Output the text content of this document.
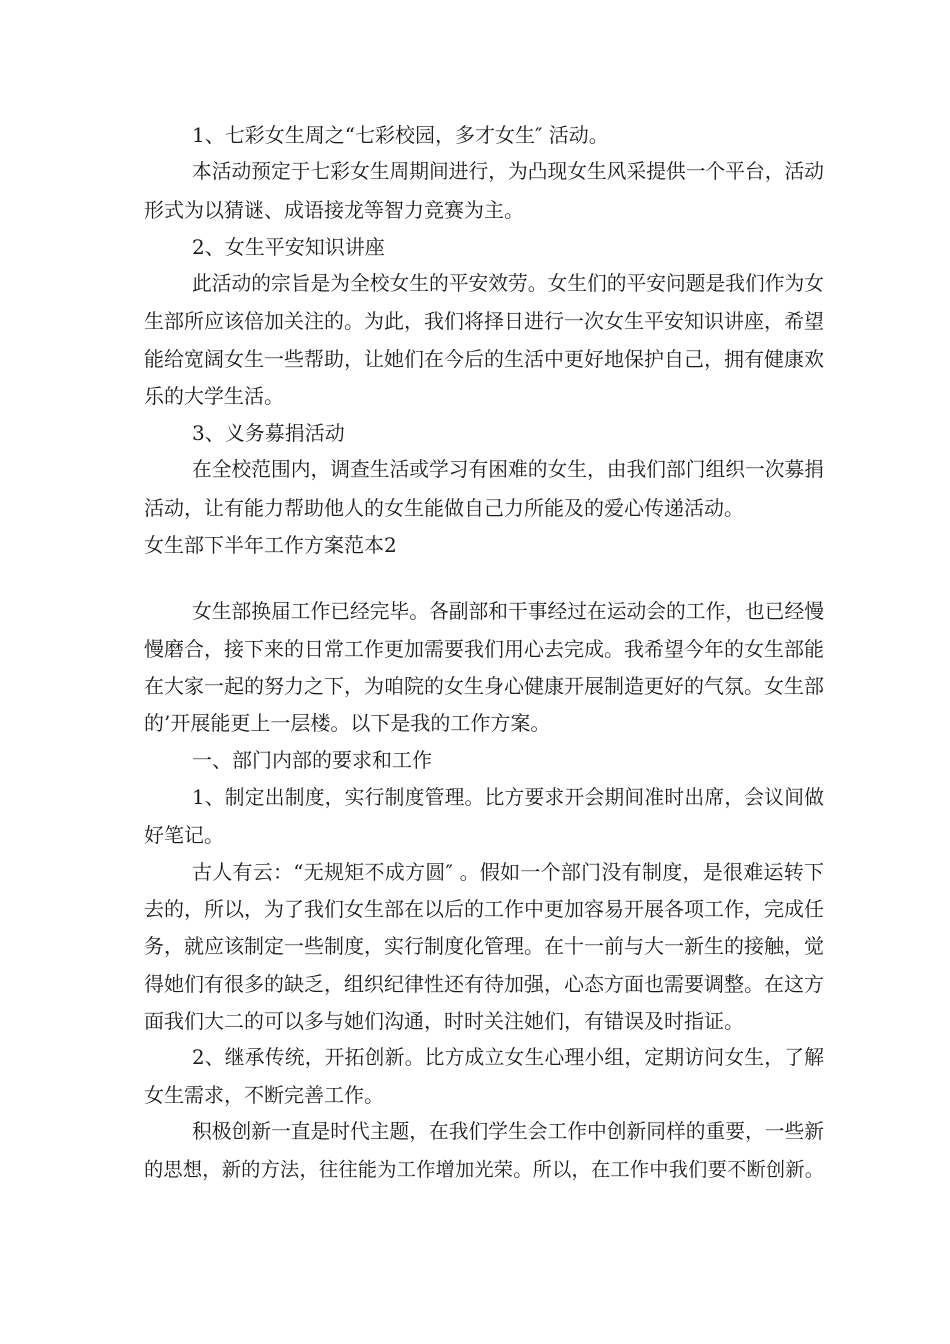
1、七彩女生周之“七彩校园，多才女生″ 活动。
本活动预定于七彩女生周期间进行，为凸现女生风采提供一个平台，活动
形式为以猜谜、成语接龙等智力竞赛为主。
2、女生平安知识讲座
此活动的宗旨是为全校女生的平安效劳。女生们的平安问题是我们作为女
生部所应该倍加关注的。为此，我们将择日进行一次女生平安知识讲座，希望
能给宽阔女生一些帮助，让她们在今后的生活中更好地保护自己，拥有健康欢
乐的大学生活。
3、义务募捐活动
在全校范围内，调查生活或学习有困难的女生，由我们部门组织一次募捐
活动，让有能力帮助他人的女生能做自己力所能及的爱心传递活动。
女生部下半年工作方案范本2
女生部换届工作已经完毕。各副部和干事经过在运动会的工作，也已经慢
慢磨合，接下来的日常工作更加需要我们用心去完成。我希望今年的女生部能
在大家一起的努力之下，为咱院的女生身心健康开展制造更好的气氛。女生部
的’开展能更上一层楼。以下是我的工作方案。
一、部门内部的要求和工作
1、制定出制度，实行制度管理。比方要求开会期间准时出席，会议间做
好笔记。
古人有云：“无规矩不成方圆″ 。假如一个部门没有制度，是很难运转下
去的，所以，为了我们女生部在以后的工作中更加容易开展各项工作，完成任
务，就应该制定一些制度，实行制度化管理。在十一前与大一新生的接触，觉
得她们有很多的缺乏，组织纪律性还有待加强，心态方面也需要调整。在这方
面我们大二的可以多与她们沟通，时时关注她们，有错误及时指证。
2、继承传统，开拓创新。比方成立女生心理小组，定期访问女生，了解
女生需求，不断完善工作。
积极创新一直是时代主题，在我们学生会工作中创新同样的重要，一些新
的思想，新的方法，往往能为工作增加光荣。所以，在工作中我们要不断创新。
